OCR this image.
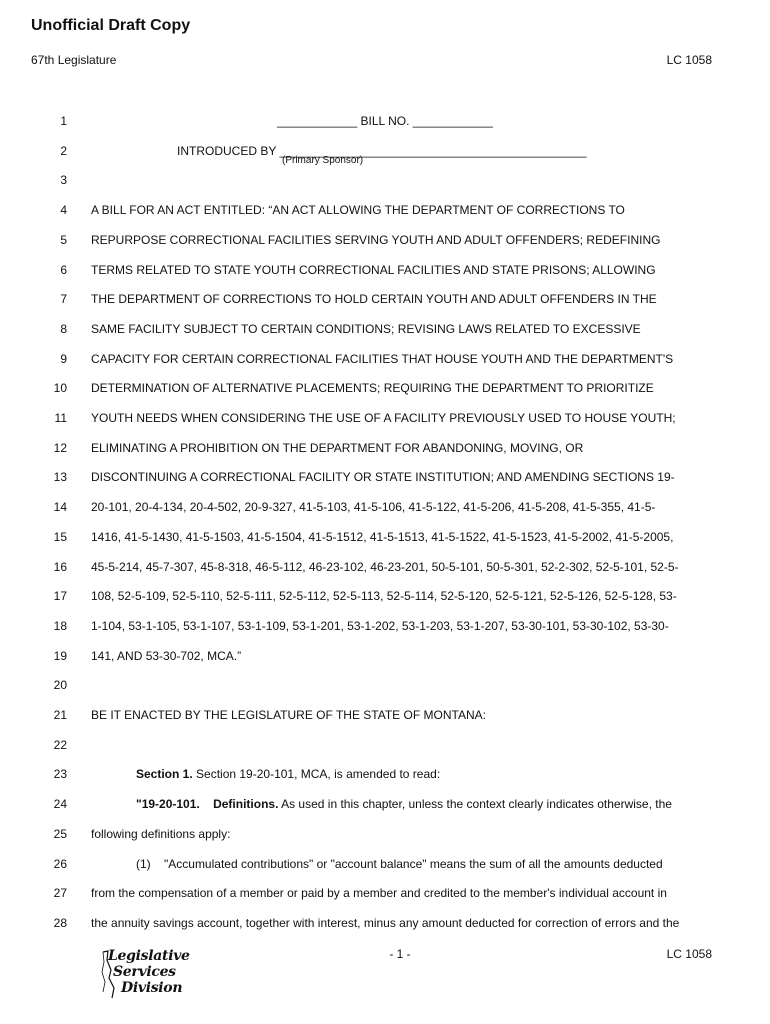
Unofficial Draft Copy
67th Legislature	LC 1058
1	____________ BILL NO. ____________
2	INTRODUCED BY ______________________________________________
3
4 A BILL FOR AN ACT ENTITLED: “AN ACT ALLOWING THE DEPARTMENT OF CORRECTIONS TO
5 REPURPOSE CORRECTIONAL FACILITIES SERVING YOUTH AND ADULT OFFENDERS; REDEFINING
6 TERMS RELATED TO STATE YOUTH CORRECTIONAL FACILITIES AND STATE PRISONS; ALLOWING
7 THE DEPARTMENT OF CORRECTIONS TO HOLD CERTAIN YOUTH AND ADULT OFFENDERS IN THE
8 SAME FACILITY SUBJECT TO CERTAIN CONDITIONS; REVISING LAWS RELATED TO EXCESSIVE
9 CAPACITY FOR CERTAIN CORRECTIONAL FACILITIES THAT HOUSE YOUTH AND THE DEPARTMENT'S
10 DETERMINATION OF ALTERNATIVE PLACEMENTS; REQUIRING THE DEPARTMENT TO PRIORITIZE
11 YOUTH NEEDS WHEN CONSIDERING THE USE OF A FACILITY PREVIOUSLY USED TO HOUSE YOUTH;
12 ELIMINATING A PROHIBITION ON THE DEPARTMENT FOR ABANDONING, MOVING, OR
13 DISCONTINUING A CORRECTIONAL FACILITY OR STATE INSTITUTION; AND AMENDING SECTIONS 19-
14 20-101, 20-4-134, 20-4-502, 20-9-327, 41-5-103, 41-5-106, 41-5-122, 41-5-206, 41-5-208, 41-5-355, 41-5-
15 1416, 41-5-1430, 41-5-1503, 41-5-1504, 41-5-1512, 41-5-1513, 41-5-1522, 41-5-1523, 41-5-2002, 41-5-2005,
16 45-5-214, 45-7-307, 45-8-318, 46-5-112, 46-23-102, 46-23-201, 50-5-101, 50-5-301, 52-2-302, 52-5-101, 52-5-
17 108, 52-5-109, 52-5-110, 52-5-111, 52-5-112, 52-5-113, 52-5-114, 52-5-120, 52-5-121, 52-5-126, 52-5-128, 53-
18 1-104, 53-1-105, 53-1-107, 53-1-109, 53-1-201, 53-1-202, 53-1-203, 53-1-207, 53-30-101, 53-30-102, 53-30-
19 141, AND 53-30-702, MCA.”
20
21 BE IT ENACTED BY THE LEGISLATURE OF THE STATE OF MONTANA:
22
23	Section 1. Section 19-20-101, MCA, is amended to read:
24	"19-20-101.    Definitions. As used in this chapter, unless the context clearly indicates otherwise, the
25 following definitions apply:
26	(1)    "Accumulated contributions" or "account balance" means the sum of all the amounts deducted
27 from the compensation of a member or paid by a member and credited to the member's individual account in
28 the annuity savings account, together with interest, minus any amount deducted for correction of errors and the
(Primary Sponsor)
Legislative
Services
Division
- 1 -	LC 1058
